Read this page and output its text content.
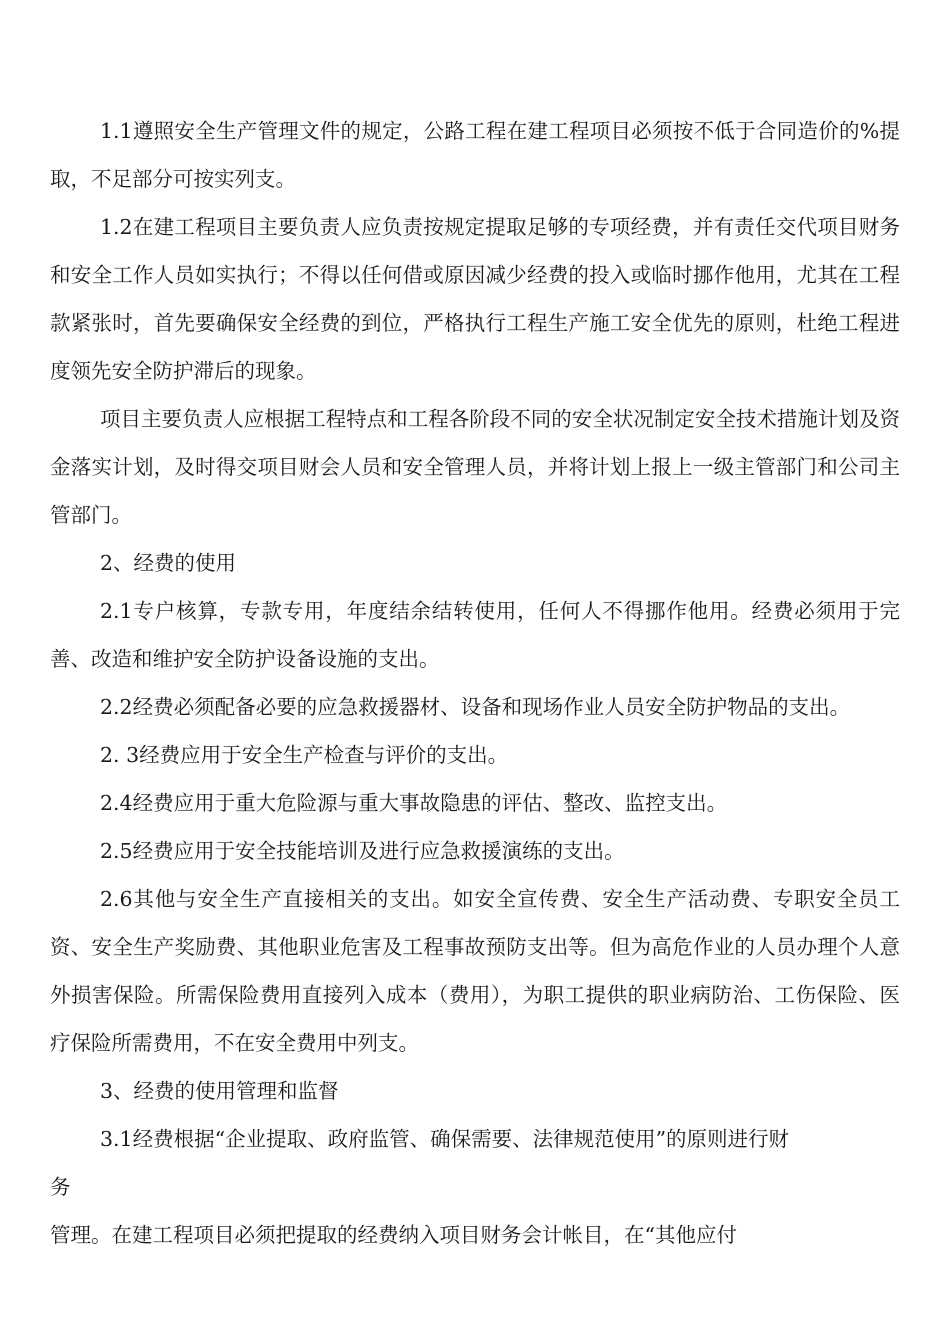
1.1遵照安全生产管理文件的规定，公路工程在建工程项目必须按不低于合同造价的%提取，不足部分可按实列支。

1.2在建工程项目主要负责人应负责按规定提取足够的专项经费，并有责任交代项目财务和安全工作人员如实执行；不得以任何借或原因减少经费的投入或临时挪作他用，尤其在工程款紧张时，首先要确保安全经费的到位，严格执行工程生产施工安全优先的原则，杜绝工程进度领先安全防护滞后的现象。

项目主要负责人应根据工程特点和工程各阶段不同的安全状况制定安全技术措施计划及资金落实计划，及时得交项目财会人员和安全管理人员，并将计划上报上一级主管部门和公司主管部门。

2、经费的使用

2.1专户核算，专款专用，年度结余结转使用，任何人不得挪作他用。经费必须用于完善、改造和维护安全防护设备设施的支出。

2.2经费必须配备必要的应急救援器材、设备和现场作业人员安全防护物品的支出。

2. 3经费应用于安全生产检查与评价的支出。

2.4经费应用于重大危险源与重大事故隐患的评估、整改、监控支出。

2.5经费应用于安全技能培训及进行应急救援演练的支出。

2.6其他与安全生产直接相关的支出。如安全宣传费、安全生产活动费、专职安全员工资、安全生产奖励费、其他职业危害及工程事故预防支出等。但为高危作业的人员办理个人意外损害保险。所需保险费用直接列入成本（费用），为职工提供的职业病防治、工伤保险、医疗保险所需费用，不在安全费用中列支。

3、经费的使用管理和监督

3.1经费根据“企业提取、政府监管、确保需要、法律规范使用”的原则进行财

务

管理。在建工程项目必须把提取的经费纳入项目财务会计帐目，在“其他应付
